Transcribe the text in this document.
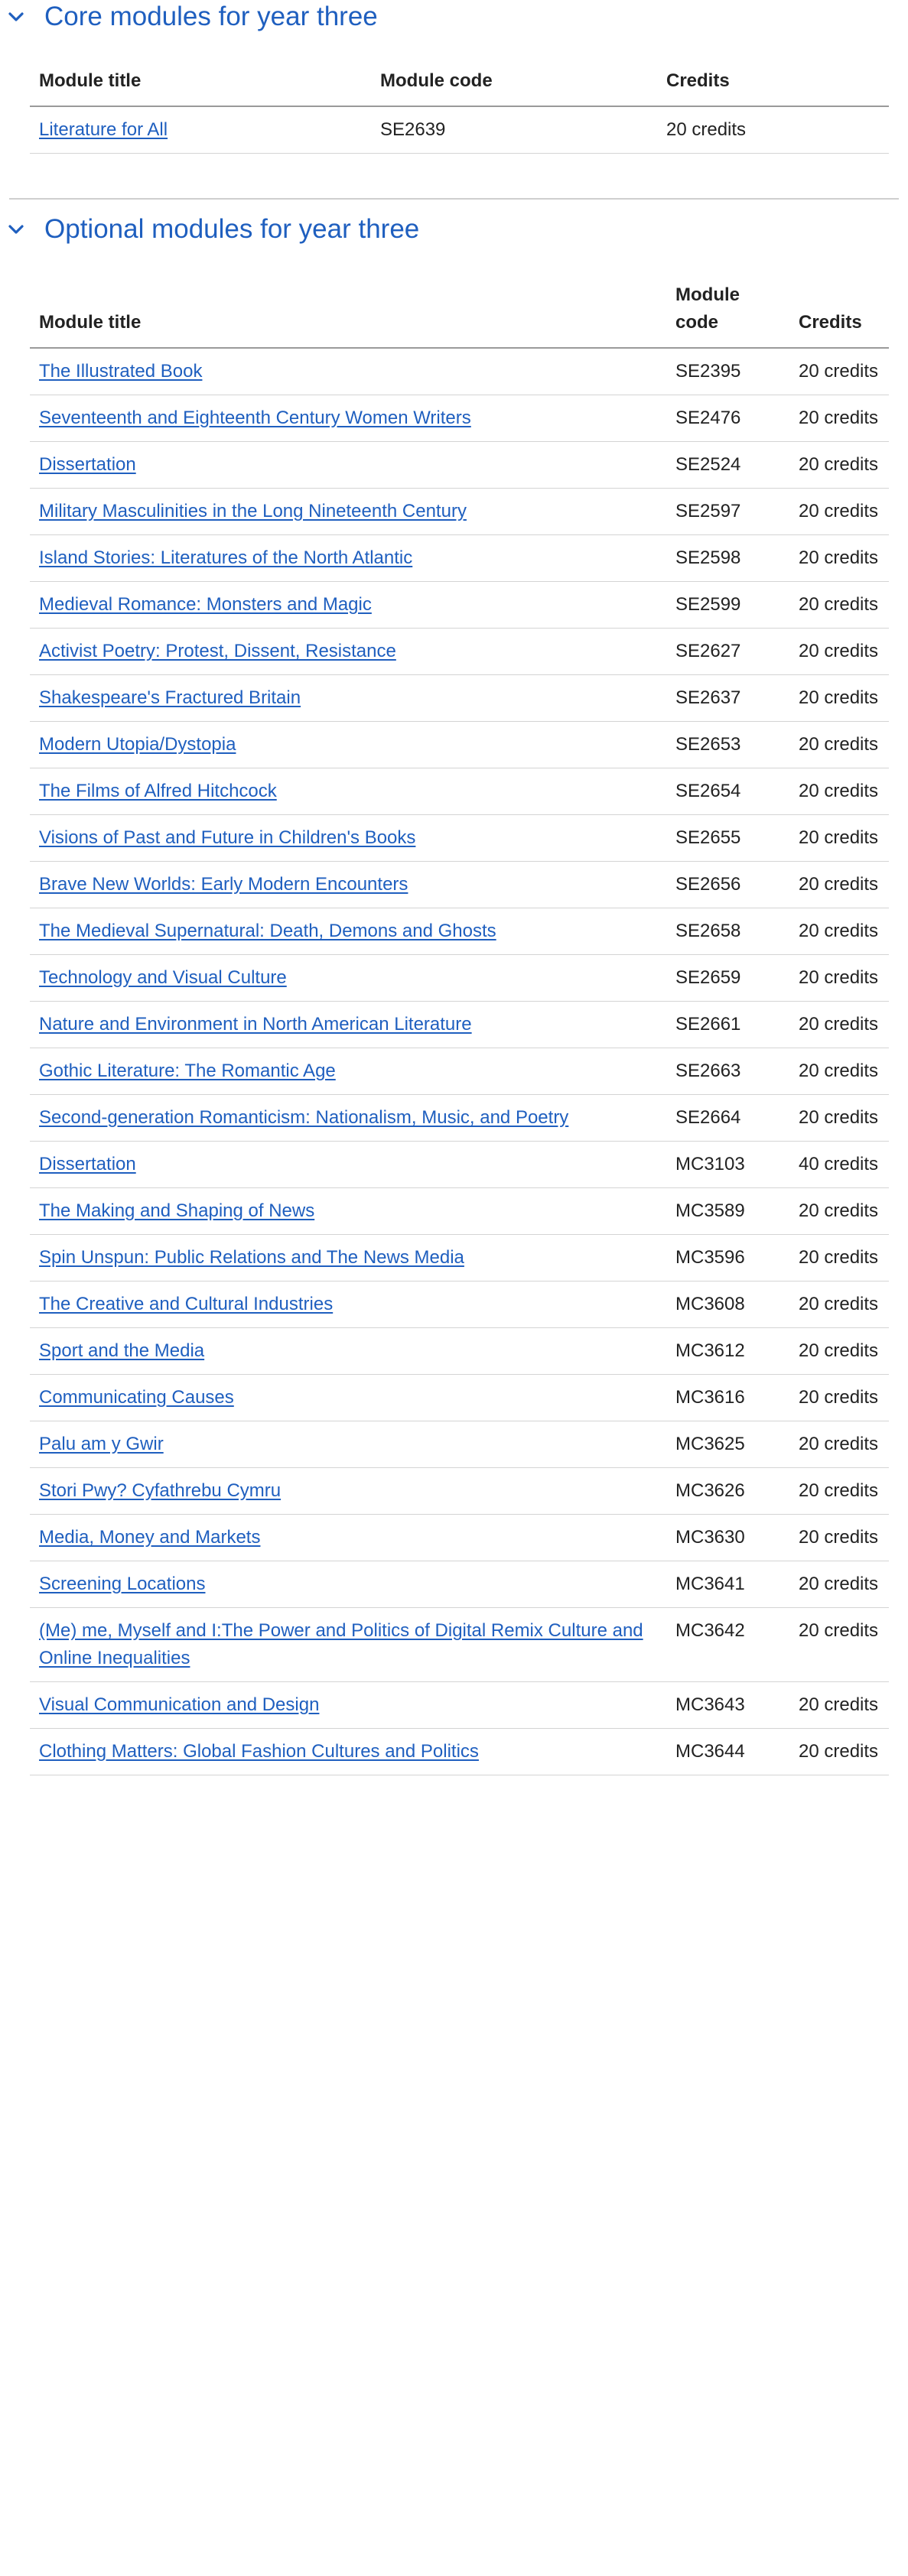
Core modules for year three
Module title	Module code	Credits
Literature for All	SE2639	20 credits
Optional modules for year three
Module title	Module code	Credits
The Illustrated Book	SE2395	20 credits
Seventeenth and Eighteenth Century Women Writers	SE2476	20 credits
Dissertation	SE2524	20 credits
Military Masculinities in the Long Nineteenth Century	SE2597	20 credits
Island Stories: Literatures of the North Atlantic	SE2598	20 credits
Medieval Romance: Monsters and Magic	SE2599	20 credits
Activist Poetry: Protest, Dissent, Resistance	SE2627	20 credits
Shakespeare's Fractured Britain	SE2637	20 credits
Modern Utopia/Dystopia	SE2653	20 credits
The Films of Alfred Hitchcock	SE2654	20 credits
Visions of Past and Future in Children's Books	SE2655	20 credits
Brave New Worlds: Early Modern Encounters	SE2656	20 credits
The Medieval Supernatural: Death, Demons and Ghosts	SE2658	20 credits
Technology and Visual Culture	SE2659	20 credits
Nature and Environment in North American Literature	SE2661	20 credits
Gothic Literature: The Romantic Age	SE2663	20 credits
Second-generation Romanticism: Nationalism, Music, and Poetry	SE2664	20 credits
Dissertation	MC3103	40 credits
The Making and Shaping of News	MC3589	20 credits
Spin Unspun: Public Relations and The News Media	MC3596	20 credits
The Creative and Cultural Industries	MC3608	20 credits
Sport and the Media	MC3612	20 credits
Communicating Causes	MC3616	20 credits
Palu am y Gwir	MC3625	20 credits
Stori Pwy? Cyfathrebu Cymru	MC3626	20 credits
Media, Money and Markets	MC3630	20 credits
Screening Locations	MC3641	20 credits
(Me) me, Myself and I:The Power and Politics of Digital Remix Culture and Online Inequalities	MC3642	20 credits
Visual Communication and Design	MC3643	20 credits
Clothing Matters: Global Fashion Cultures and Politics	MC3644	20 credits
